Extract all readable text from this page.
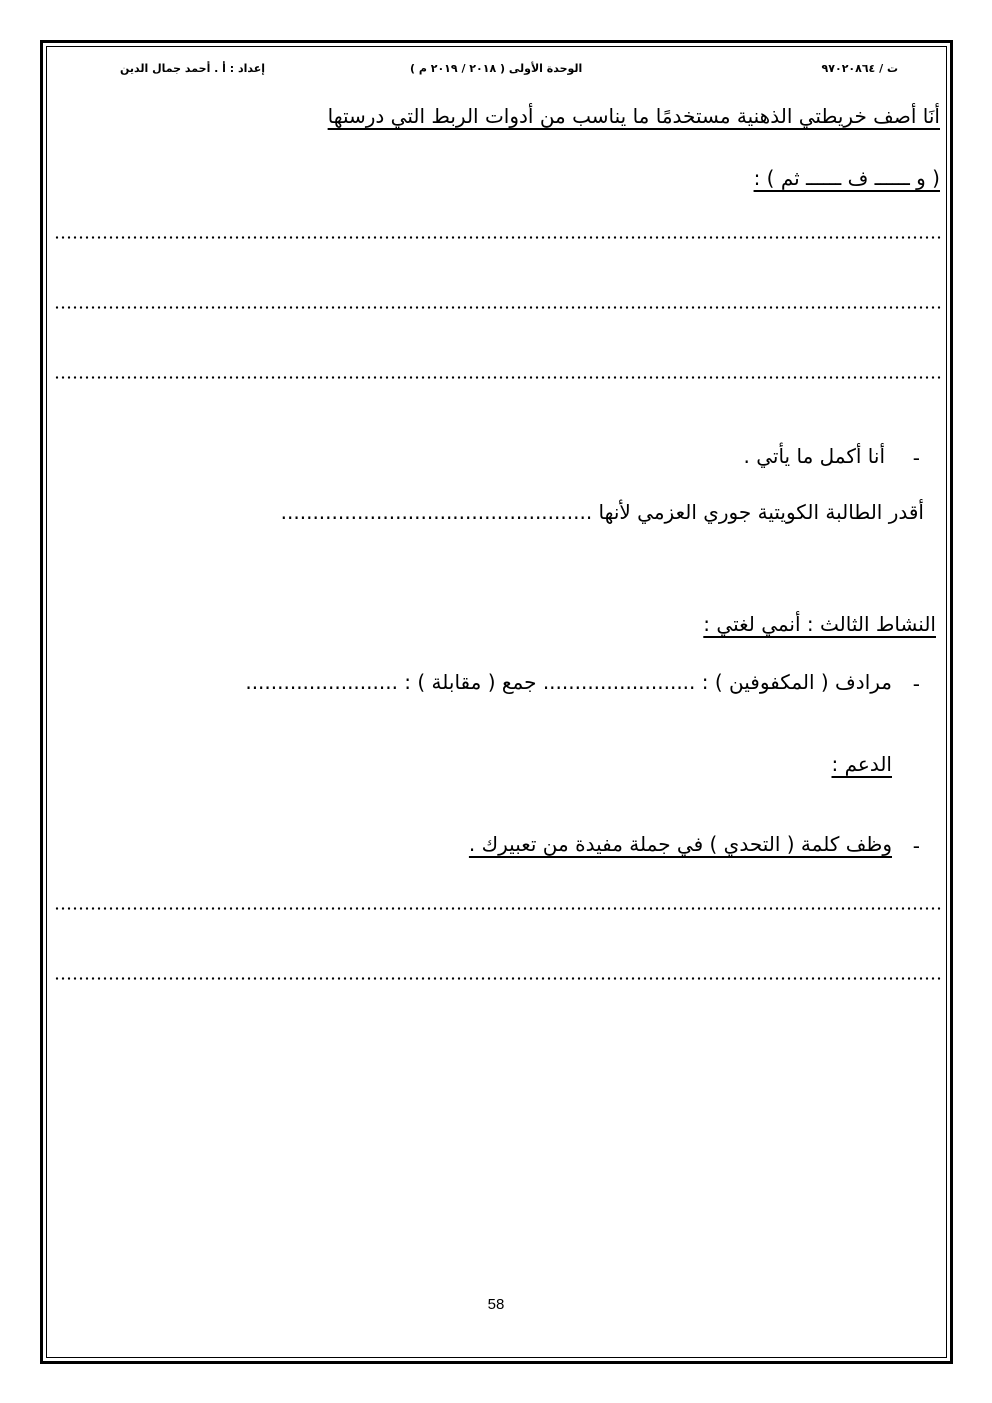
ت / ٩٧٠٢٠٨٦٤
الوحدة الأولى ( ٢٠١٨ / ٢٠١٩ م )
إعداد : أ . أحمد جمال الدين
أنَا أصف خريطتي الذهنية مستخدمًا ما يناسب من أدوات الربط التي درستها
( و ــــــ ف ــــــ ثم ) :
-
أنا أكمل ما يأتي .
أقدر الطالبة الكويتية جوري العزمي لأنها .................................................
النشاط الثالث : أنمي لغتي :
-
مرادف ( المكفوفين ) : ........................ جمع ( مقابلة ) : ........................
الدعم :
-
وظف كلمة ( التحدي ) في جملة مفيدة من تعبيرك .
58
